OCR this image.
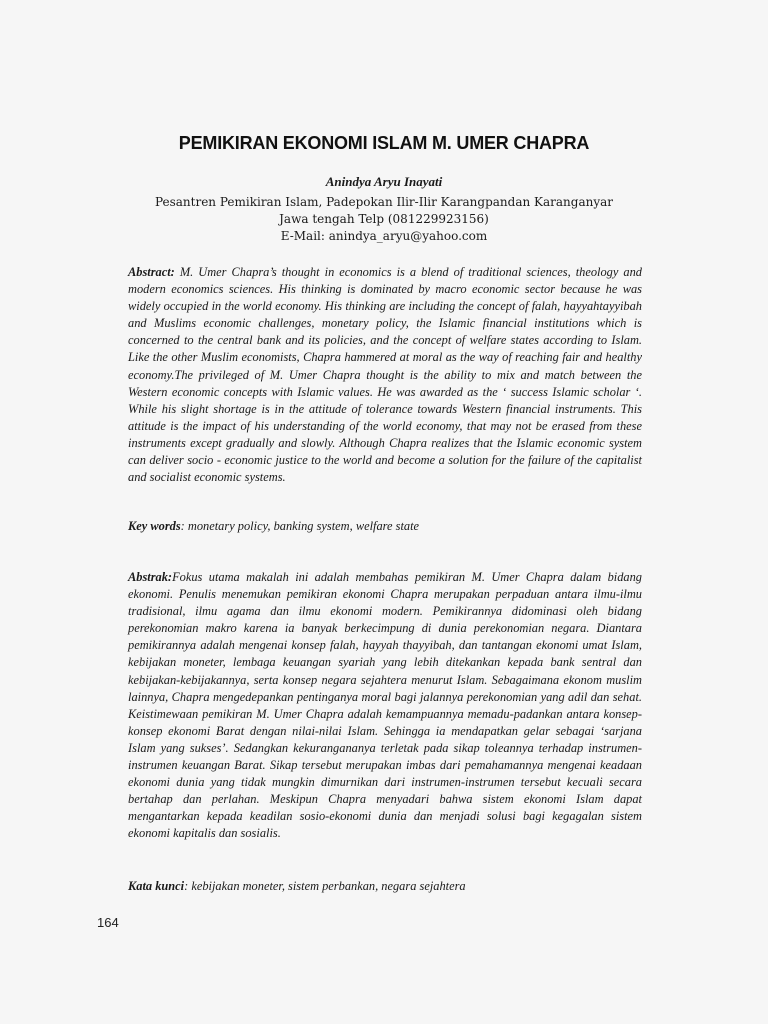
PEMIKIRAN EKONOMI ISLAM M. UMER CHAPRA
Anindya Aryu Inayati
Pesantren Pemikiran Islam, Padepokan Ilir-Ilir Karangpandan Karanganyar
Jawa tengah Telp (081229923156)
E-Mail: anindya_aryu@yahoo.com
Abstract: M. Umer Chapra’s thought in economics is a blend of traditional sciences, theology and modern economics sciences. His thinking is dominated by macro economic sector because he was widely occupied in the world economy. His thinking are including the concept of falah, hayyahtayyibah and Muslims economic challenges, monetary policy, the Islamic financial institutions which is concerned to the central bank and its policies, and the concept of welfare states according to Islam. Like the other Muslim economists, Chapra hammered at moral as the way of reaching fair and healthy economy.The privileged of M. Umer Chapra thought is the ability to mix and match between the Western economic concepts with Islamic values. He was awarded as the ‘ success Islamic scholar ‘. While his slight shortage is in the attitude of tolerance towards Western financial instruments. This attitude is the impact of his understanding of the world economy, that may not be erased from these instruments except gradually and slowly. Although Chapra realizes that the Islamic economic system can deliver socio - economic justice to the world and become a solution for the failure of the capitalist and socialist economic systems.
Key words: monetary policy, banking system, welfare state
Abstrak:Fokus utama makalah ini adalah membahas pemikiran M. Umer Chapra dalam bidang ekonomi. Penulis menemukan pemikiran ekonomi Chapra merupakan perpaduan antara ilmu-ilmu tradisional, ilmu agama dan ilmu ekonomi modern. Pemikirannya didominasi oleh bidang perekonomian makro karena ia banyak berkecimpung di dunia perekonomian negara. Diantara pemikirannya adalah mengenai konsep falah, hayyah thayyibah, dan tantangan ekonomi umat Islam, kebijakan moneter, lembaga keuangan syariah yang lebih ditekankan kepada bank sentral dan kebijakan-kebijakannya, serta konsep negara sejahtera menurut Islam. Sebagaimana ekonom muslim lainnya, Chapra mengedepankan pentinganya moral bagi jalannya perekonomian yang adil dan sehat. Keistimewaan pemikiran M. Umer Chapra adalah kemampuannya memadu-padankan antara konsep-konsep ekonomi Barat dengan nilai-nilai Islam. Sehingga ia mendapatkan gelar sebagai ‘sarjana Islam yang sukses’. Sedangkan kekurangananya terletak pada sikap toleannya terhadap instrumen-instrumen keuangan Barat. Sikap tersebut merupakan imbas dari pemahamannya mengenai keadaan ekonomi dunia yang tidak mungkin dimurnikan dari instrumen-instrumen tersebut kecuali secara bertahap dan perlahan. Meskipun Chapra menyadari bahwa sistem ekonomi Islam dapat mengantarkan kepada keadilan sosio-ekonomi dunia dan menjadi solusi bagi kegagalan sistem ekonomi kapitalis dan sosialis.
Kata kunci: kebijakan moneter, sistem perbankan, negara sejahtera
164
